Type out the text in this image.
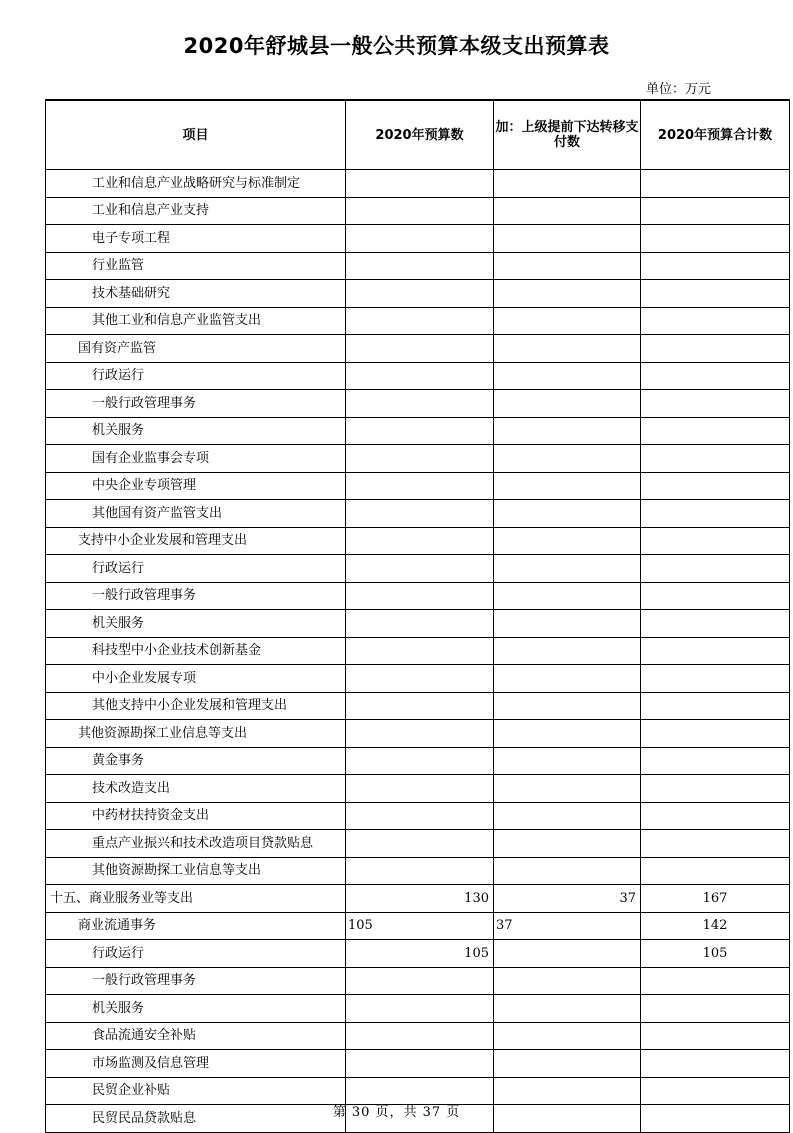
2020年舒城县一般公共预算本级支出预算表
单位：万元
项目	2020年预算数	加：上级提前下达转移支付数	2020年预算合计数
工业和信息产业战略研究与标准制定			
工业和信息产业支持			
电子专项工程			
行业监管			
技术基础研究			
其他工业和信息产业监管支出			
国有资产监管			
行政运行			
一般行政管理事务			
机关服务			
国有企业监事会专项			
中央企业专项管理			
其他国有资产监管支出			
支持中小企业发展和管理支出			
行政运行			
一般行政管理事务			
机关服务			
科技型中小企业技术创新基金			
中小企业发展专项			
其他支持中小企业发展和管理支出			
其他资源勘探工业信息等支出			
黄金事务			
技术改造支出			
中药材扶持资金支出			
重点产业振兴和技术改造项目贷款贴息			
其他资源勘探工业信息等支出			
十五、商业服务业等支出	130	37	167
商业流通事务	105	37	142
行政运行	105		105
一般行政管理事务			
机关服务			
食品流通安全补贴			
市场监测及信息管理			
民贸企业补贴			
民贸民品贷款贴息				第 30 页，共 37 页
